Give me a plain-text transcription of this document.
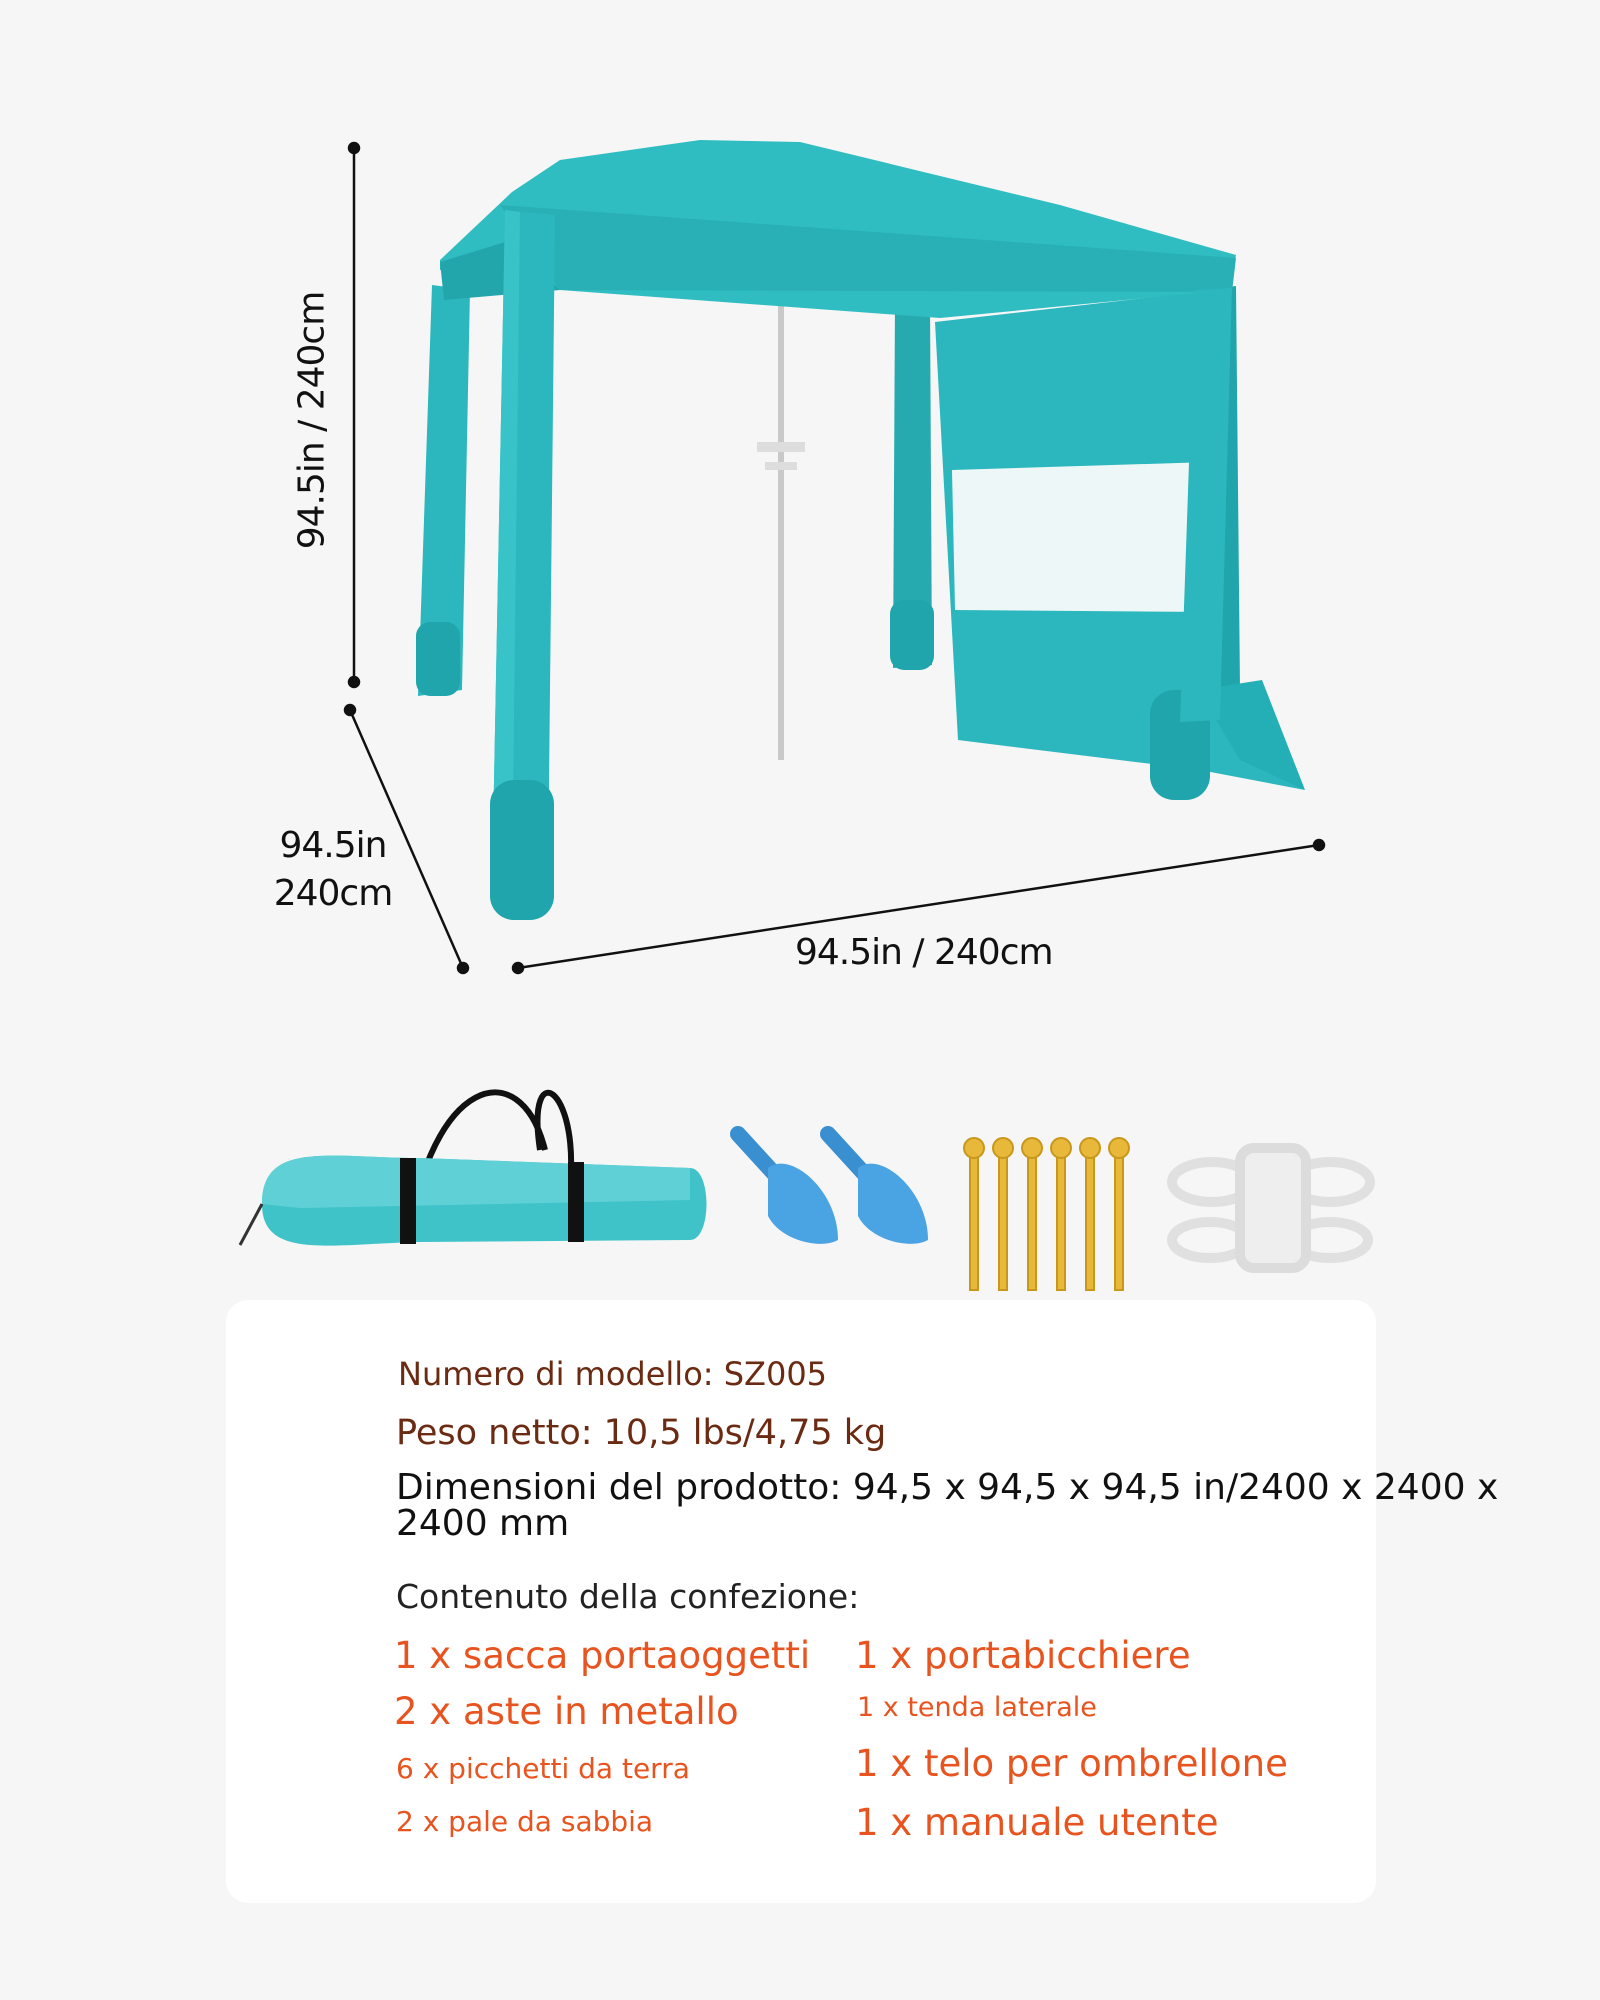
94.5in / 240cm
94.5in
240cm
94.5in / 240cm
Numero di modello: SZ005
Peso netto: 10,5 lbs/4,75 kg
Dimensioni del prodotto: 94,5 x 94,5 x 94,5 in/2400 x 2400 x 2400 mm
Contenuto della confezione:
1 x sacca portaoggetti
2 x aste in metallo
6 x picchetti da terra
2 x pale da sabbia
1 x portabicchiere
1 x tenda laterale
1 x telo per ombrellone
1 x manuale utente
